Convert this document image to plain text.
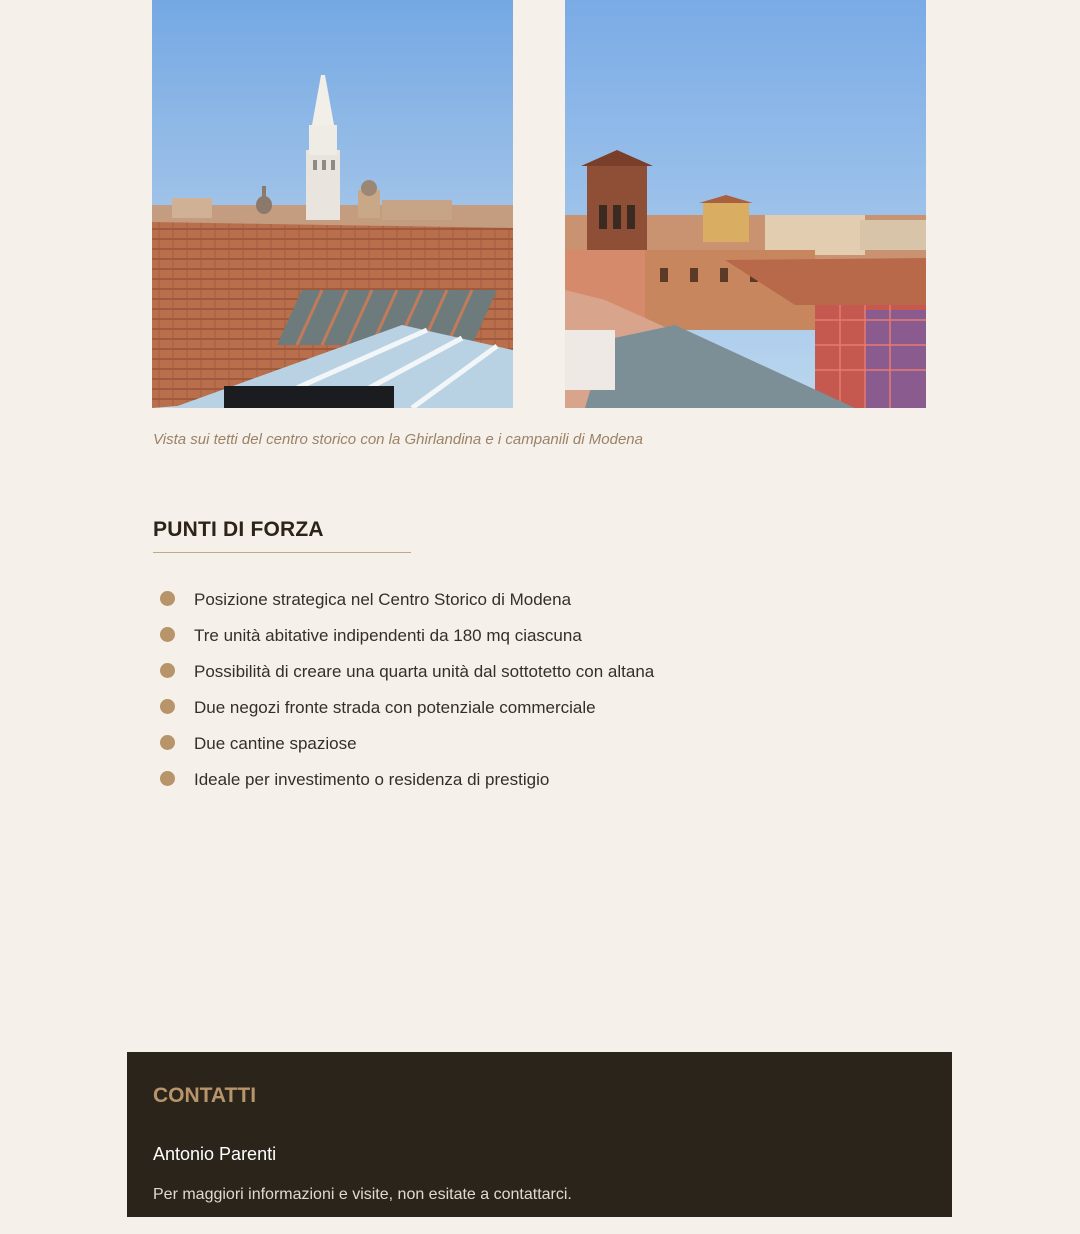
Vista sui tetti del centro storico con la Ghirlandina e i campanili di Modena
PUNTI DI FORZA
Posizione strategica nel Centro Storico di Modena
Tre unità abitative indipendenti da 180 mq ciascuna
Possibilità di creare una quarta unità dal sottotetto con altana
Due negozi fronte strada con potenziale commerciale
Due cantine spaziose
Ideale per investimento o residenza di prestigio
CONTATTI
Antonio Parenti
Per maggiori informazioni e visite, non esitate a contattarci.
